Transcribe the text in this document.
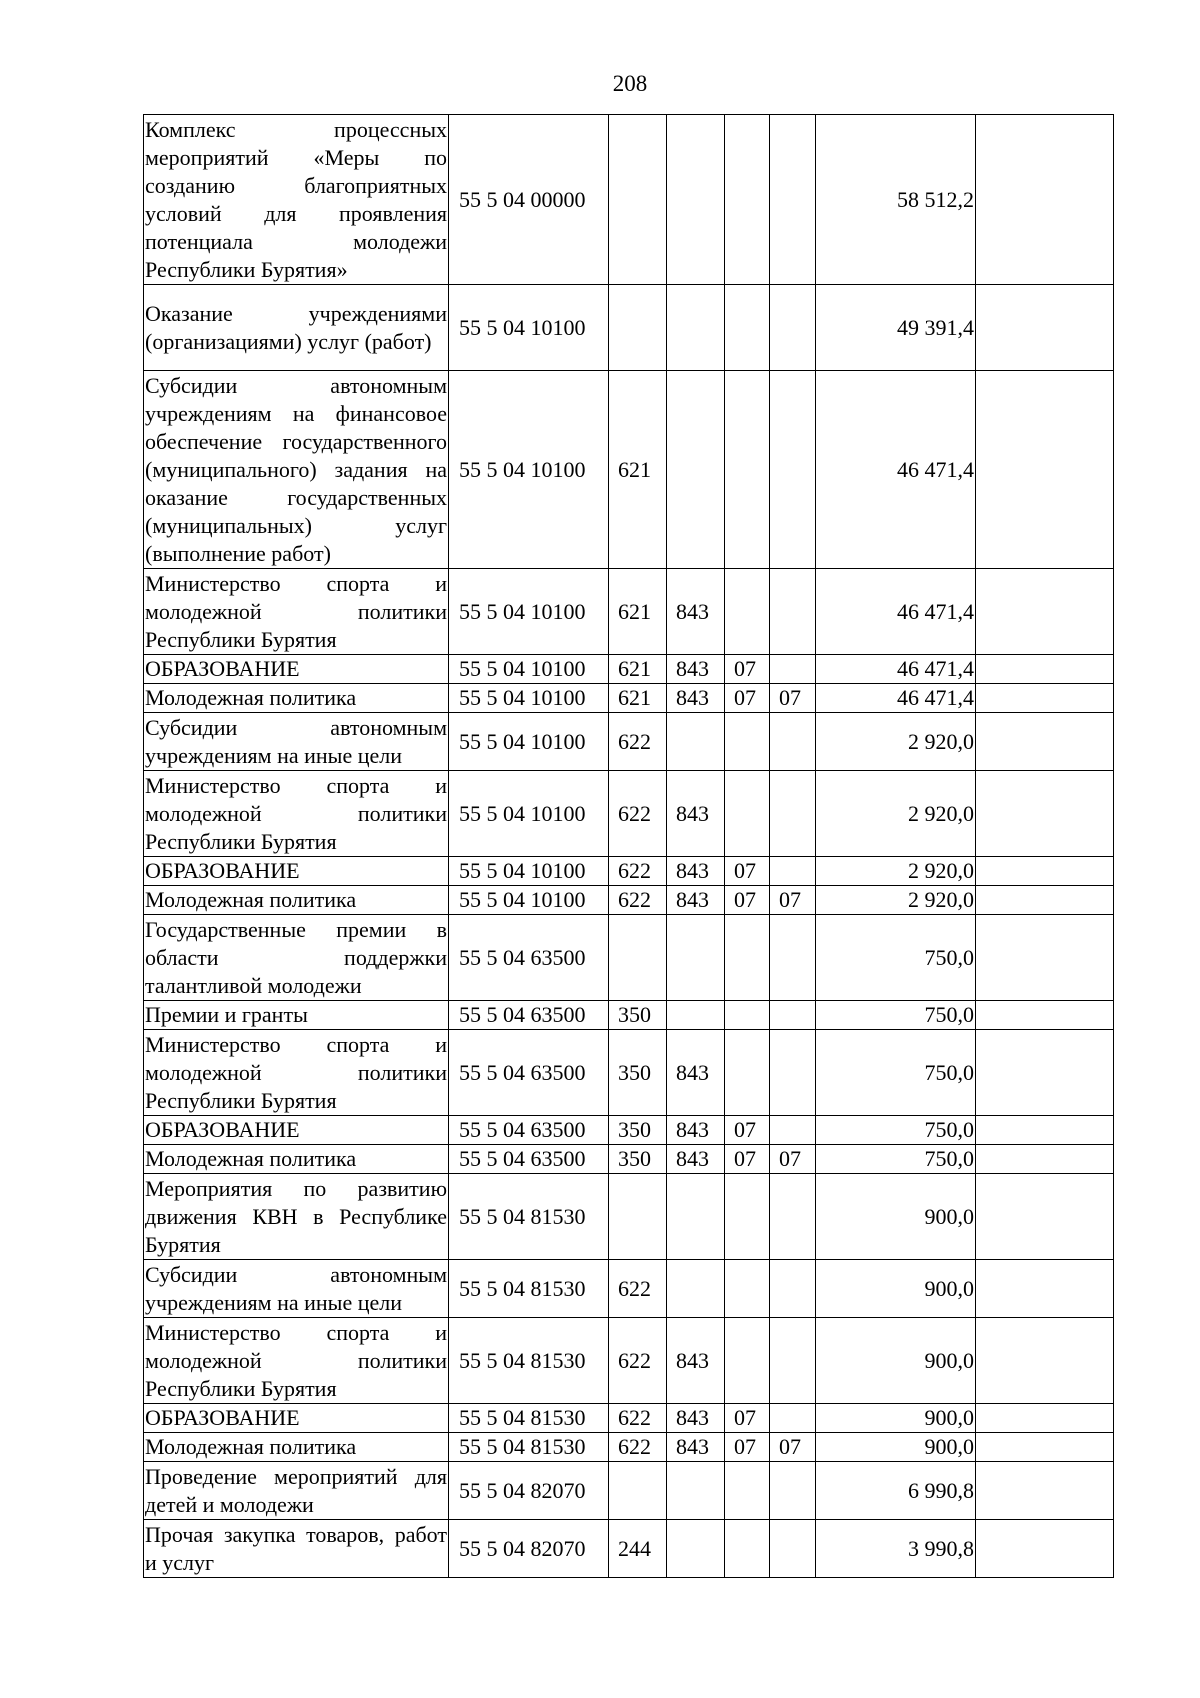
208
Комплекс процессных мероприятий «Меры по созданию благоприятных условий для проявления потенциала молодежи Республики Бурятия»	55 5 04 00000					58 512,2	
Оказание учреждениями (организациями) услуг (работ)	55 5 04 10100					49 391,4	
Субсидии автономным учреждениям на финансовое обеспечение государственного (муниципального) задания на оказание государственных (муниципальных) услуг (выполнение работ)	55 5 04 10100	621				46 471,4	
Министерство спорта и молодежной политики Республики Бурятия	55 5 04 10100	621	843			46 471,4	
ОБРАЗОВАНИЕ	55 5 04 10100	621	843	07		46 471,4	
Молодежная политика	55 5 04 10100	621	843	07	07	46 471,4	
Субсидии автономным учреждениям на иные цели	55 5 04 10100	622				2 920,0	
Министерство спорта и молодежной политики Республики Бурятия	55 5 04 10100	622	843			2 920,0	
ОБРАЗОВАНИЕ	55 5 04 10100	622	843	07		2 920,0	
Молодежная политика	55 5 04 10100	622	843	07	07	2 920,0	
Государственные премии в области поддержки талантливой молодежи	55 5 04 63500					750,0	
Премии и гранты	55 5 04 63500	350				750,0	
Министерство спорта и молодежной политики Республики Бурятия	55 5 04 63500	350	843			750,0	
ОБРАЗОВАНИЕ	55 5 04 63500	350	843	07		750,0	
Молодежная политика	55 5 04 63500	350	843	07	07	750,0	
Мероприятия по развитию движения КВН в Республике Бурятия	55 5 04 81530					900,0	
Субсидии автономным учреждениям на иные цели	55 5 04 81530	622				900,0	
Министерство спорта и молодежной политики Республики Бурятия	55 5 04 81530	622	843			900,0	
ОБРАЗОВАНИЕ	55 5 04 81530	622	843	07		900,0	
Молодежная политика	55 5 04 81530	622	843	07	07	900,0	
Проведение мероприятий для детей и молодежи	55 5 04 82070					6 990,8	
Прочая закупка товаров, работ и услуг	55 5 04 82070	244				3 990,8	
